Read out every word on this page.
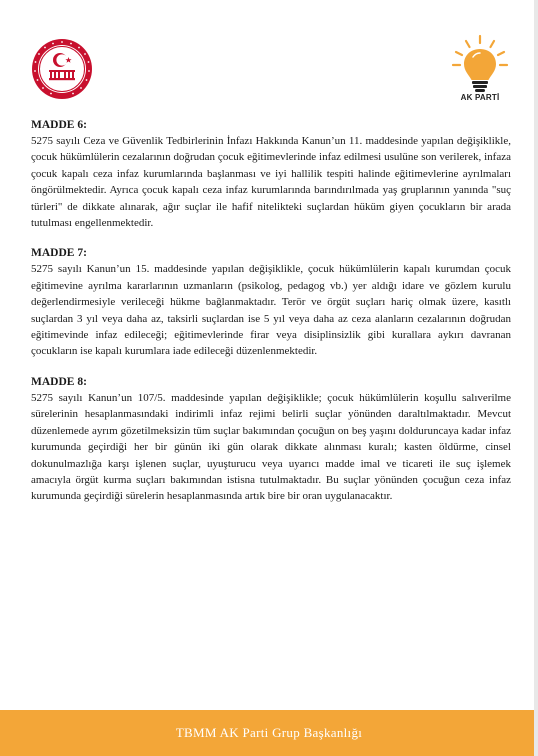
AK PARTİ

MADDE 6:

5275 sayılı Ceza ve Güvenlik Tedbirlerinin İnfazı Hakkında Kanun’un 11. maddesinde yapılan değişiklikle, çocuk hükümlülerin cezalarının doğrudan çocuk eğitimevlerinde infaz edilmesi usulüne son verilerek, infaza çocuk kapalı ceza infaz kurumlarında başlanması ve iyi hallilik tespiti halinde eğitimevlerine ayrılmaları öngörülmektedir. Ayrıca çocuk kapalı ceza infaz kurumlarında barındırılmada yaş gruplarının yanında "suç türleri" de dikkate alınarak, ağır suçlar ile hafif nitelikteki suçlardan hüküm giyen çocukların bir arada tutulması engellenmektedir.

MADDE 7:

5275 sayılı Kanun’un 15. maddesinde yapılan değişiklikle, çocuk hükümlülerin kapalı kurumdan çocuk eğitimevine ayrılma kararlarının uzmanların (psikolog, pedagog vb.) yer aldığı idare ve gözlem kurulu değerlendirmesiyle verileceği hükme bağlanmaktadır. Terör ve örgüt suçları hariç olmak üzere, kasıtlı suçlardan 3 yıl veya daha az, taksirli suçlardan ise 5 yıl veya daha az ceza alanların cezalarının doğrudan eğitimevinde infaz edileceği; eğitimevlerinde firar veya disiplinsizlik gibi kurallara aykırı davranan çocukların ise kapalı kurumlara iade edileceği düzenlenmektedir.

MADDE 8:

5275 sayılı Kanun’un 107/5. maddesinde yapılan değişiklikle; çocuk hükümlülerin koşullu salıverilme sürelerinin hesaplanmasındaki indirimli infaz rejimi belirli suçlar yönünden daraltılmaktadır. Mevcut düzenlemede ayrım gözetilmeksizin tüm suçlar bakımından çocuğun on beş yaşını dolduruncaya kadar infaz kurumunda geçirdiği her bir günün iki gün olarak dikkate alınması kuralı; kasten öldürme, cinsel dokunulmazlığa karşı işlenen suçlar, uyuşturucu veya uyarıcı madde imal ve ticareti ile suç işlemek amacıyla örgüt kurma suçları bakımından istisna tutulmaktadır. Bu suçlar yönünden çocuğun ceza infaz kurumunda geçirdiği sürelerin hesaplanmasında artık bire bir oran uygulanacaktır.

TBMM AK Parti Grup Başkanlığı
